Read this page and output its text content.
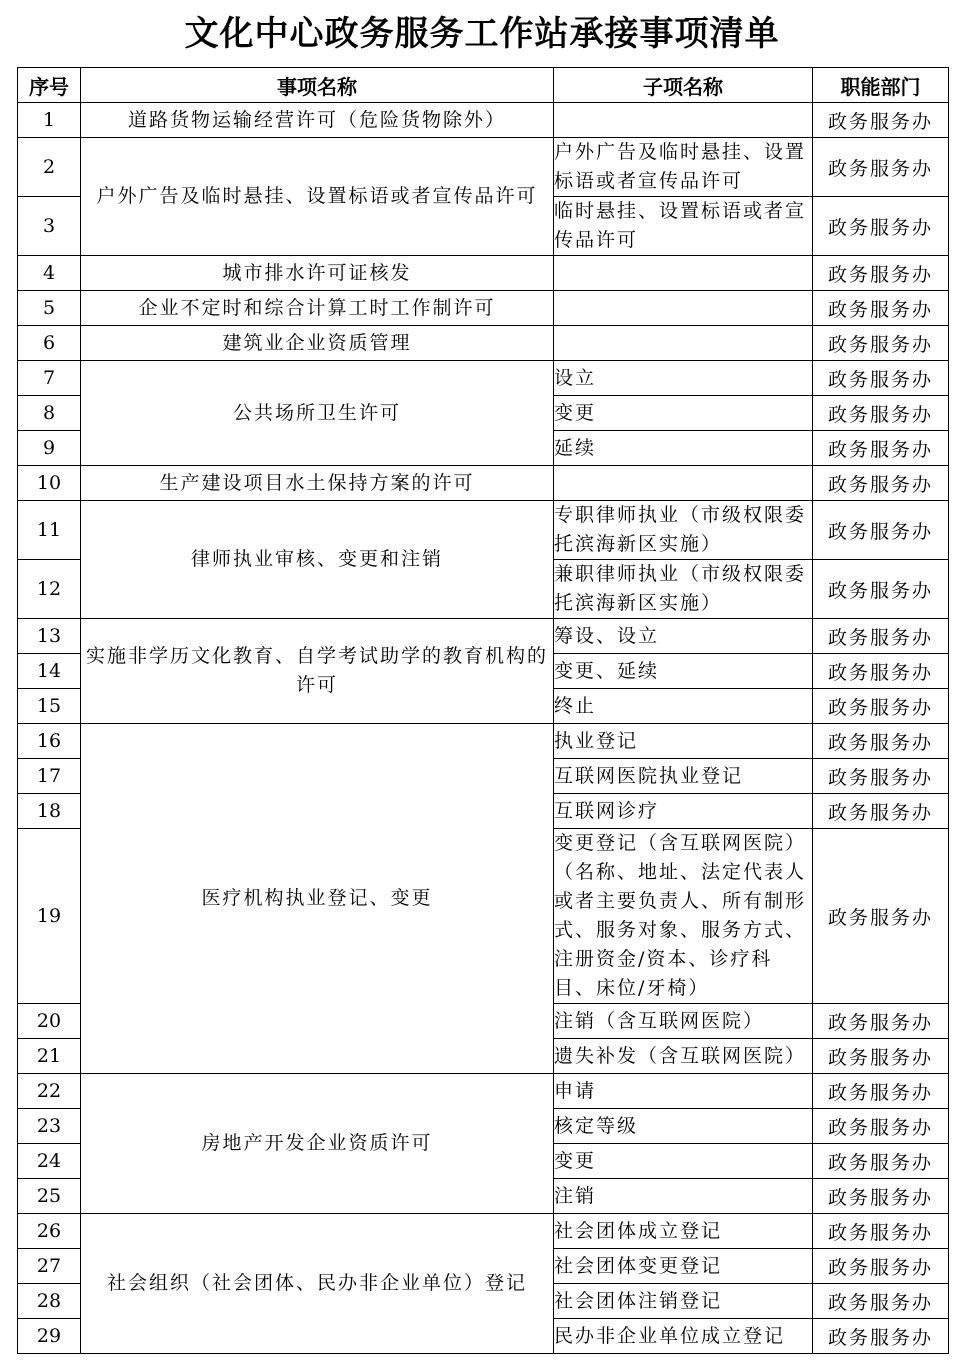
文化中心政务服务工作站承接事项清单
序号	事项名称	子项名称	职能部门
1	道路货物运输经营许可（危险货物除外）		政务服务办
2	户外广告及临时悬挂、设置标语或者宣传品许可	户外广告及临时悬挂、设置标语或者宣传品许可	政务服务办
3		临时悬挂、设置标语或者宣传品许可	政务服务办
4	城市排水许可证核发		政务服务办
5	企业不定时和综合计算工时工作制许可		政务服务办
6	建筑业企业资质管理		政务服务办
7	公共场所卫生许可	设立	政务服务办
8		变更	政务服务办
9		延续	政务服务办
10	生产建设项目水土保持方案的许可		政务服务办
11	律师执业审核、变更和注销	专职律师执业（市级权限委托滨海新区实施）	政务服务办
12		兼职律师执业（市级权限委托滨海新区实施）	政务服务办
13	实施非学历文化教育、自学考试助学的教育机构的许可	筹设、设立	政务服务办
14		变更、延续	政务服务办
15		终止	政务服务办
16	医疗机构执业登记、变更	执业登记	政务服务办
17		互联网医院执业登记	政务服务办
18		互联网诊疗	政务服务办
19		变更登记（含互联网医院）（名称、地址、法定代表人或者主要负责人、所有制形式、服务对象、服务方式、注册资金/资本、诊疗科目、床位/牙椅）	政务服务办
20		注销（含互联网医院）	政务服务办
21		遗失补发（含互联网医院）	政务服务办
22	房地产开发企业资质许可	申请	政务服务办
23		核定等级	政务服务办
24		变更	政务服务办
25		注销	政务服务办
26	社会组织（社会团体、民办非企业单位）登记	社会团体成立登记	政务服务办
27		社会团体变更登记	政务服务办
28		社会团体注销登记	政务服务办
29		民办非企业单位成立登记	政务服务办
